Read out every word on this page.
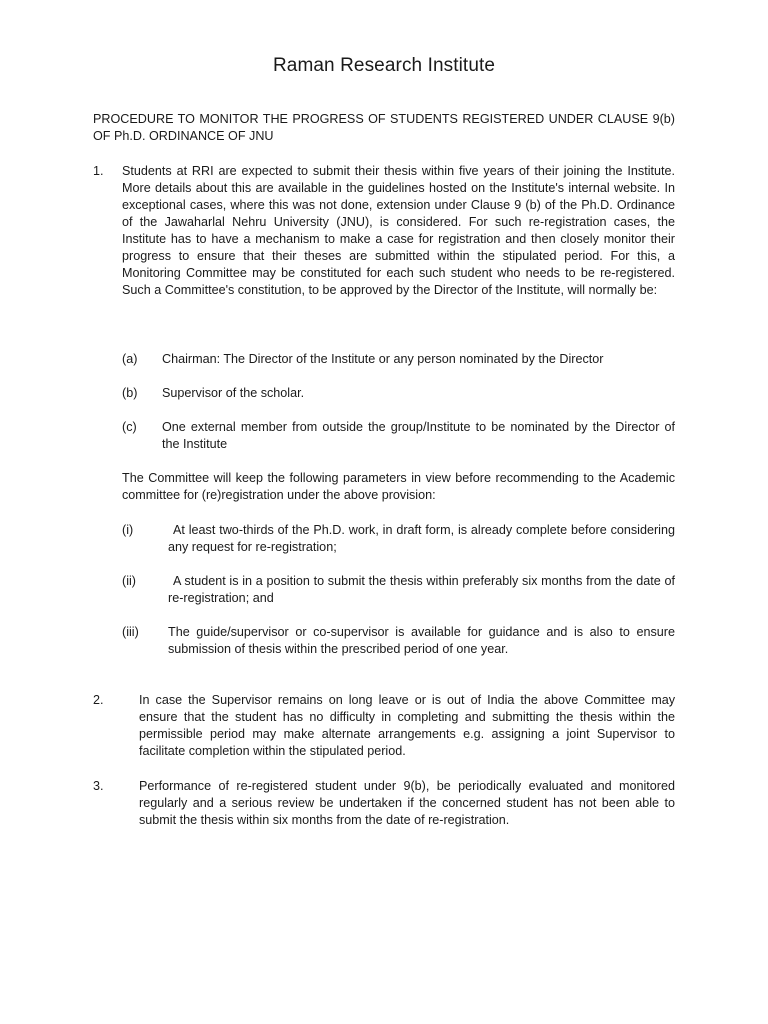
Raman Research Institute
PROCEDURE TO MONITOR THE PROGRESS OF STUDENTS REGISTERED UNDER CLAUSE 9(b) OF Ph.D. ORDINANCE OF JNU
1. Students at RRI are expected to submit their thesis within five years of their joining the Institute. More details about this are available in the guidelines hosted on the Institute's internal website. In exceptional cases, where this was not done, extension under Clause 9 (b) of the Ph.D. Ordinance of the Jawaharlal Nehru University (JNU), is considered. For such re-registration cases, the Institute has to have a mechanism to make a case for registration and then closely monitor their progress to ensure that their theses are submitted within the stipulated period. For this, a Monitoring Committee may be constituted for each such student who needs to be re-registered. Such a Committee's constitution, to be approved by the Director of the Institute, will normally be:
(a) Chairman: The Director of the Institute or any person nominated by the Director
(b) Supervisor of the scholar.
(c) One external member from outside the group/Institute to be nominated by the Director of the Institute
The Committee will keep the following parameters in view before recommending to the Academic committee for (re)registration under the above provision:
(i)	At least two-thirds of the Ph.D. work, in draft form, is already complete before considering any request for re-registration;
(ii)	A student is in a position to submit the thesis within preferably six months from the date of re-registration; and
(iii) The guide/supervisor or co-supervisor is available for guidance and is also to ensure submission of thesis within the prescribed period of one year.
2.	In case the Supervisor remains on long leave or is out of India the above Committee may ensure that the student has no difficulty in completing and submitting the thesis within the permissible period may make alternate arrangements e.g. assigning a joint Supervisor to facilitate completion within the stipulated period.
3.	Performance of re-registered student under 9(b), be periodically evaluated and monitored regularly and a serious review be undertaken if the concerned student has not been able to submit the thesis within six months from the date of re-registration.
